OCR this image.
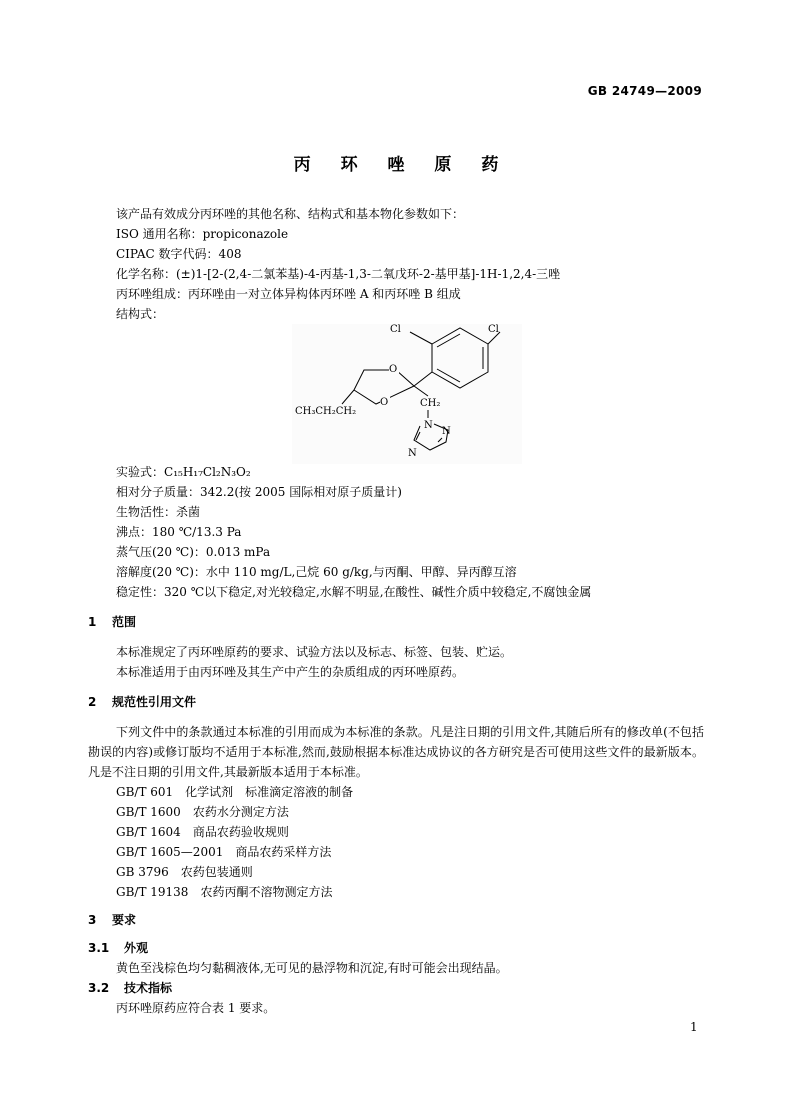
GB 24749—2009
丙 环 唑 原 药
该产品有效成分丙环唑的其他名称、结构式和基本物化参数如下：
ISO 通用名称：propiconazole
CIPAC 数字代码：408
化学名称：(±)1-[2-(2,4-二氯苯基)-4-丙基-1,3-二氧戊环-2-基甲基]-1H-1,2,4-三唑
丙环唑组成：丙环唑由一对立体异构体丙环唑 A 和丙环唑 B 组成
结构式：
Cl	Cl
O
O
CH₃CH₂CH₂
CH₂
N
N
N
实验式：C₁₅H₁₇Cl₂N₃O₂
相对分子质量：342.2(按 2005 国际相对原子质量计)
生物活性：杀菌
沸点：180 ℃/13.3 Pa
蒸气压(20 ℃)：0.013 mPa
溶解度(20 ℃)：水中 110 mg/L,己烷 60 g/kg,与丙酮、甲醇、异丙醇互溶
稳定性：320 ℃以下稳定,对光较稳定,水解不明显,在酸性、碱性介质中较稳定,不腐蚀金属
1 范围
本标准规定了丙环唑原药的要求、试验方法以及标志、标签、包装、贮运。
本标准适用于由丙环唑及其生产中产生的杂质组成的丙环唑原药。
2 规范性引用文件
下列文件中的条款通过本标准的引用而成为本标准的条款。凡是注日期的引用文件,其随后所有的修改单(不包括勘误的内容)或修订版均不适用于本标准,然而,鼓励根据本标准达成协议的各方研究是否可使用这些文件的最新版本。凡是不注日期的引用文件,其最新版本适用于本标准。
GB/T 601 化学试剂　标准滴定溶液的制备
GB/T 1600 农药水分测定方法
GB/T 1604 商品农药验收规则
GB/T 1605—2001 商品农药采样方法
GB 3796 农药包装通则
GB/T 19138 农药丙酮不溶物测定方法
3 要求
3.1 外观
黄色至浅棕色均匀黏稠液体,无可见的悬浮物和沉淀,有时可能会出现结晶。
3.2 技术指标
丙环唑原药应符合表 1 要求。
1
